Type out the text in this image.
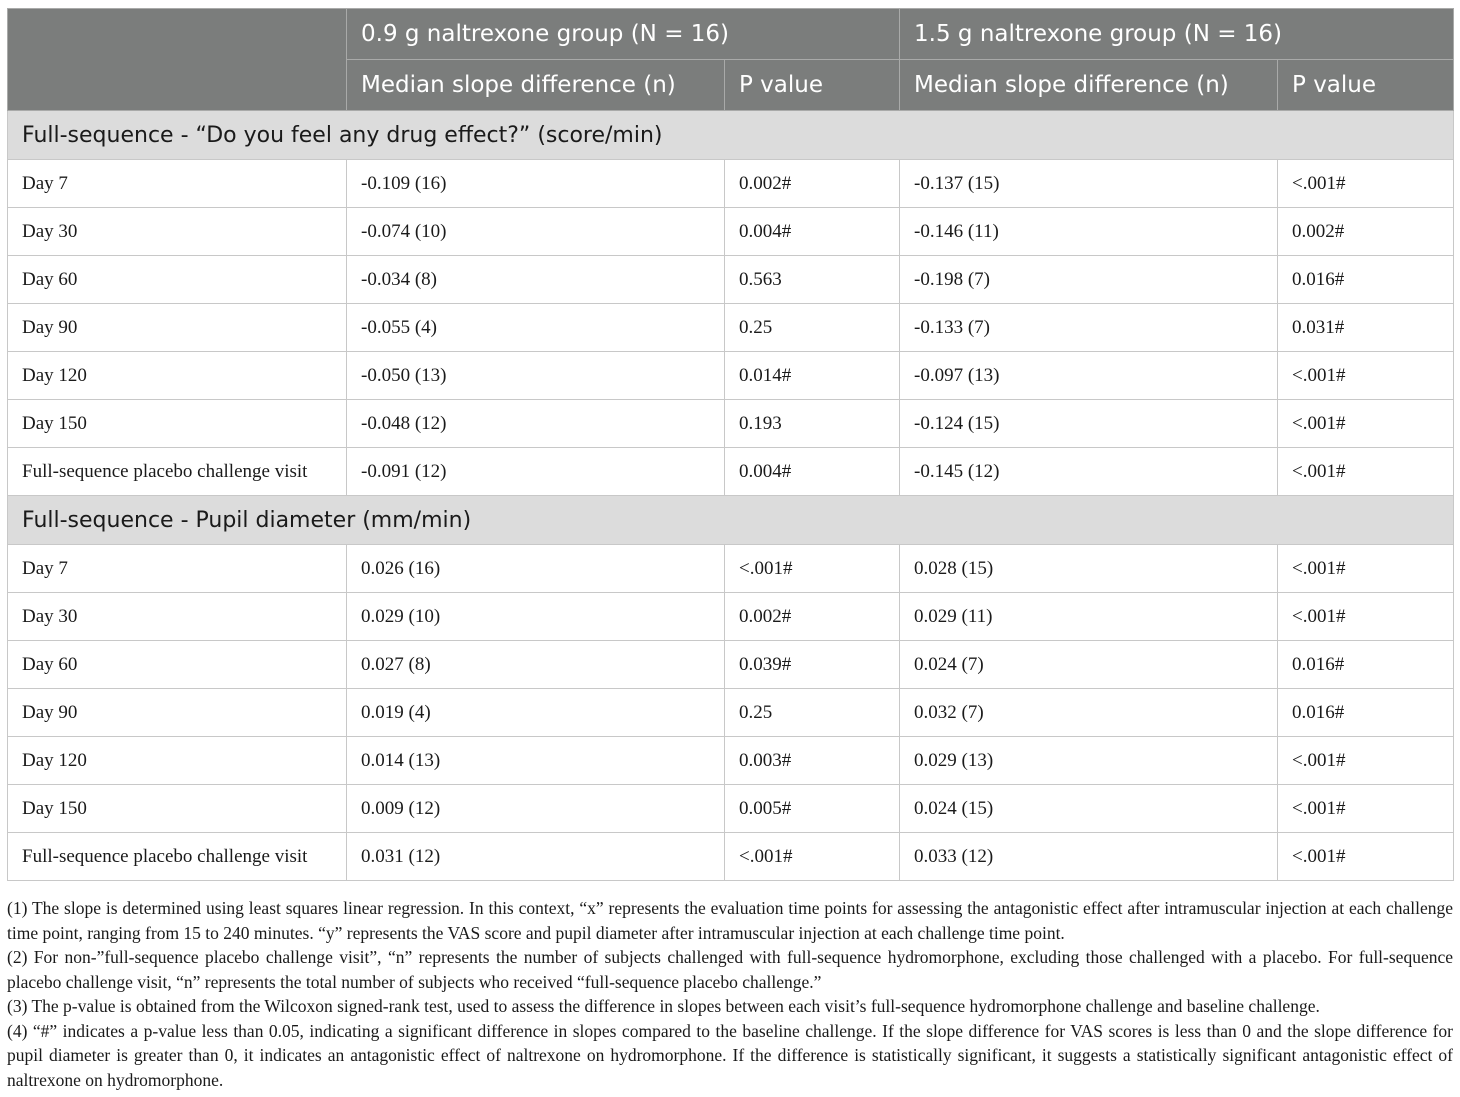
	0.9 g naltrexone group (N = 16)		1.5 g naltrexone group (N = 16)	
	Median slope difference (n)	P value	Median slope difference (n)	P value
Full-sequence - “Do you feel any drug effect?” (score/min)				
Day 7	-0.109 (16)	0.002#	-0.137 (15)	<.001#
Day 30	-0.074 (10)	0.004#	-0.146 (11)	0.002#
Day 60	-0.034 (8)	0.563	-0.198 (7)	0.016#
Day 90	-0.055 (4)	0.25	-0.133 (7)	0.031#
Day 120	-0.050 (13)	0.014#	-0.097 (13)	<.001#
Day 150	-0.048 (12)	0.193	-0.124 (15)	<.001#
Full-sequence placebo challenge visit	-0.091 (12)	0.004#	-0.145 (12)	<.001#
Full-sequence - Pupil diameter (mm/min)				
Day 7	0.026 (16)	<.001#	0.028 (15)	<.001#
Day 30	0.029 (10)	0.002#	0.029 (11)	<.001#
Day 60	0.027 (8)	0.039#	0.024 (7)	0.016#
Day 90	0.019 (4)	0.25	0.032 (7)	0.016#
Day 120	0.014 (13)	0.003#	0.029 (13)	<.001#
Day 150	0.009 (12)	0.005#	0.024 (15)	<.001#
Full-sequence placebo challenge visit	0.031 (12)	<.001#	0.033 (12)	<.001#

(1) The slope is determined using least squares linear regression. In this context, “x” represents the evaluation time points for assessing the antagonistic effect after intramuscular injection at each challenge time point, ranging from 15 to 240 minutes. “y” represents the VAS score and pupil diameter after intramuscular injection at each challenge time point.

(2) For non-”full-sequence placebo challenge visit”, “n” represents the number of subjects challenged with full-sequence hydromorphone, excluding those challenged with a placebo. For full-sequence placebo challenge visit, “n” represents the total number of subjects who received “full-sequence placebo challenge.”

(3) The p-value is obtained from the Wilcoxon signed-rank test, used to assess the difference in slopes between each visit’s full-sequence hydromorphone challenge and baseline challenge.

(4) “#” indicates a p-value less than 0.05, indicating a significant difference in slopes compared to the baseline challenge. If the slope difference for VAS scores is less than 0 and the slope difference for pupil diameter is greater than 0, it indicates an antagonistic effect of naltrexone on hydromorphone. If the difference is statistically significant, it suggests a statistically significant antagonistic effect of naltrexone on hydromorphone.
